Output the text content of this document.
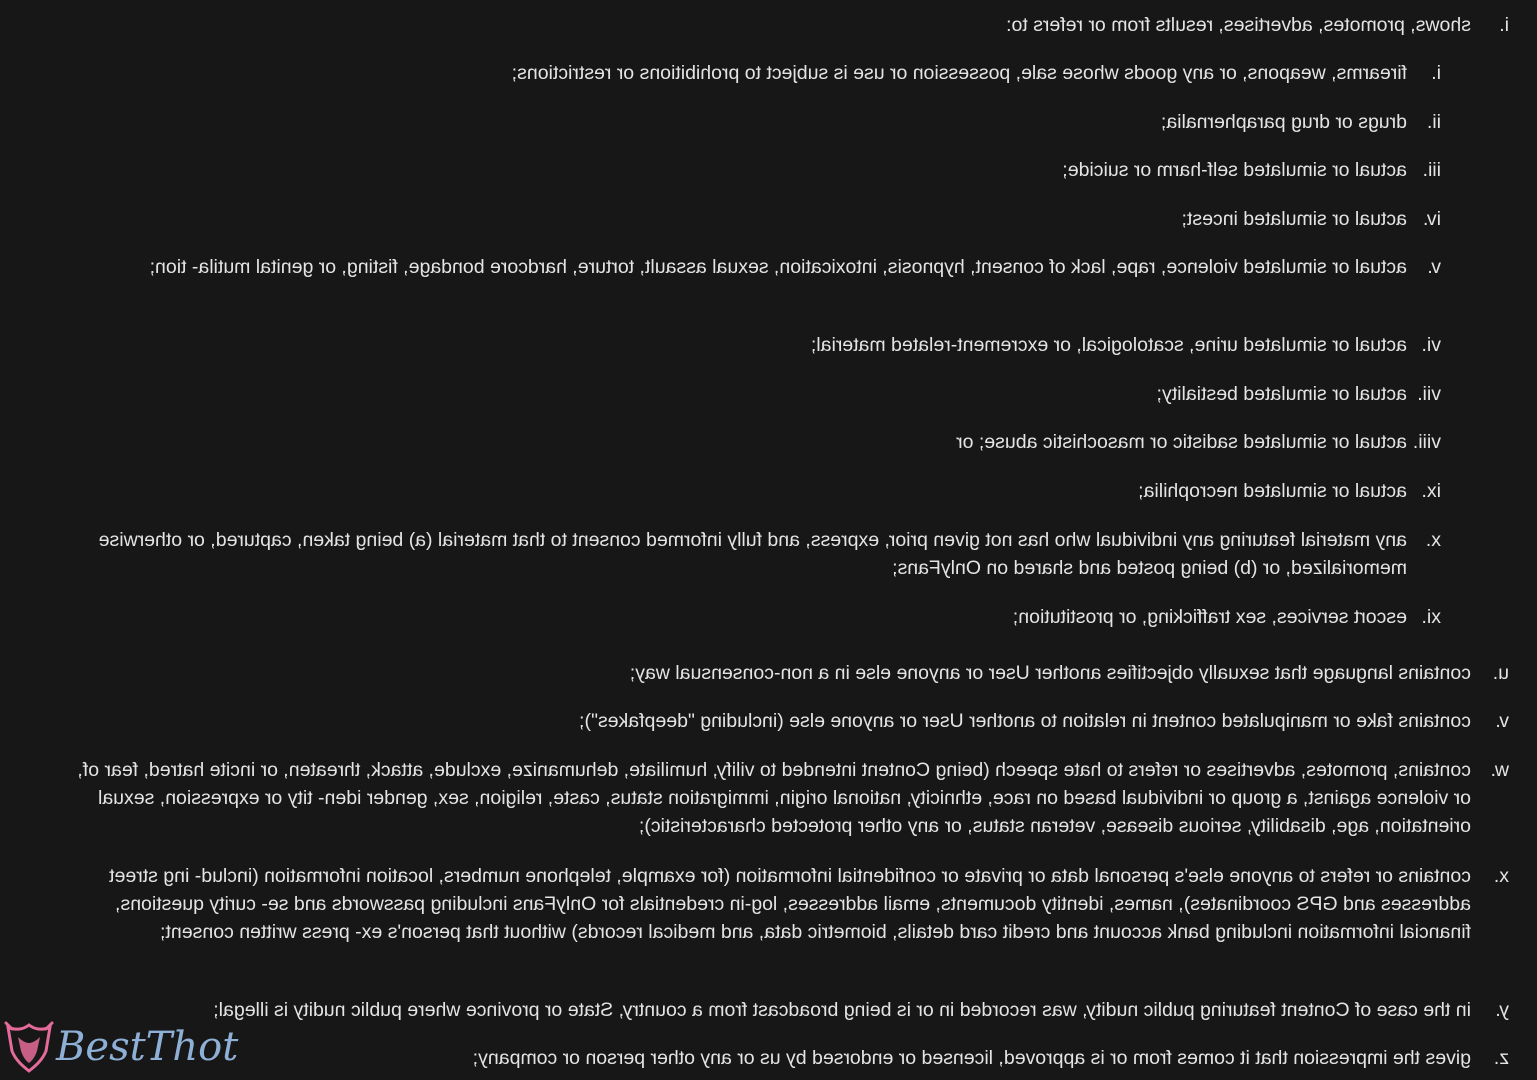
i.
shows, promotes, advertises, results from or refers to:
i.
firearms, weapons, or any goods whose sale, possession or use is subject to prohibitions or restrictions;
ii.
drugs or drug paraphernalia;
iii.
actual or simulated self-harm or suicide;
iv.
actual or simulated incest;
v.
actual or simulated violence, rape, lack of consent, hypnosis, intoxication, sexual assault, torture, hardcore bondage, fisting, or genital mutila- tion;
vi.
actual or simulated urine, scatological, or excrement-related material;
vii.
actual or simulated bestiality;
viii.
actual or simulated sadistic or masochistic abuse; or
ix.
actual or simulated necrophilia;
x.
any material featuring any individual who has not given prior, express, and fully informed consent to that material (a) being taken, captured, or otherwise memorialized, or (b) being posted and shared on OnlyFans;
xi.
escort services, sex trafficking, or prostitution;
u.
contains language that sexually objectifies another User or anyone else in a non-consensual way;
v.
contains fake or manipulated content in relation to another User or anyone else (including "deepfakes");
w.
contains, promotes, advertises or refers to hate speech (being Content intended to vilify, humiliate, dehumanize, exclude, attack, threaten, or incite hatred, fear of, or violence against, a group or individual based on race, ethnicity, national origin, immigration status, caste, religion, sex, gender iden- tity or expression, sexual orientation, age, disability, serious disease, veteran status, or any other protected characteristic);
x.
contains or refers to anyone else's personal data or private or confidential information (for example, telephone numbers, location information (includ- ing street addresses and GPS coordinates), names, identity documents, email addresses, log-in credentials for OnlyFans including passwords and se- curity questions, financial information including bank account and credit card details, biometric data, and medical records) without that person's ex- press written consent;
y.
in the case of Content featuring public nudity, was recorded in or is being broadcast from a country, State or province where public nudity is illegal;
z.
gives the impression that it comes from or is approved, licensed or endorsed by us or any other person or company;
BestThot
